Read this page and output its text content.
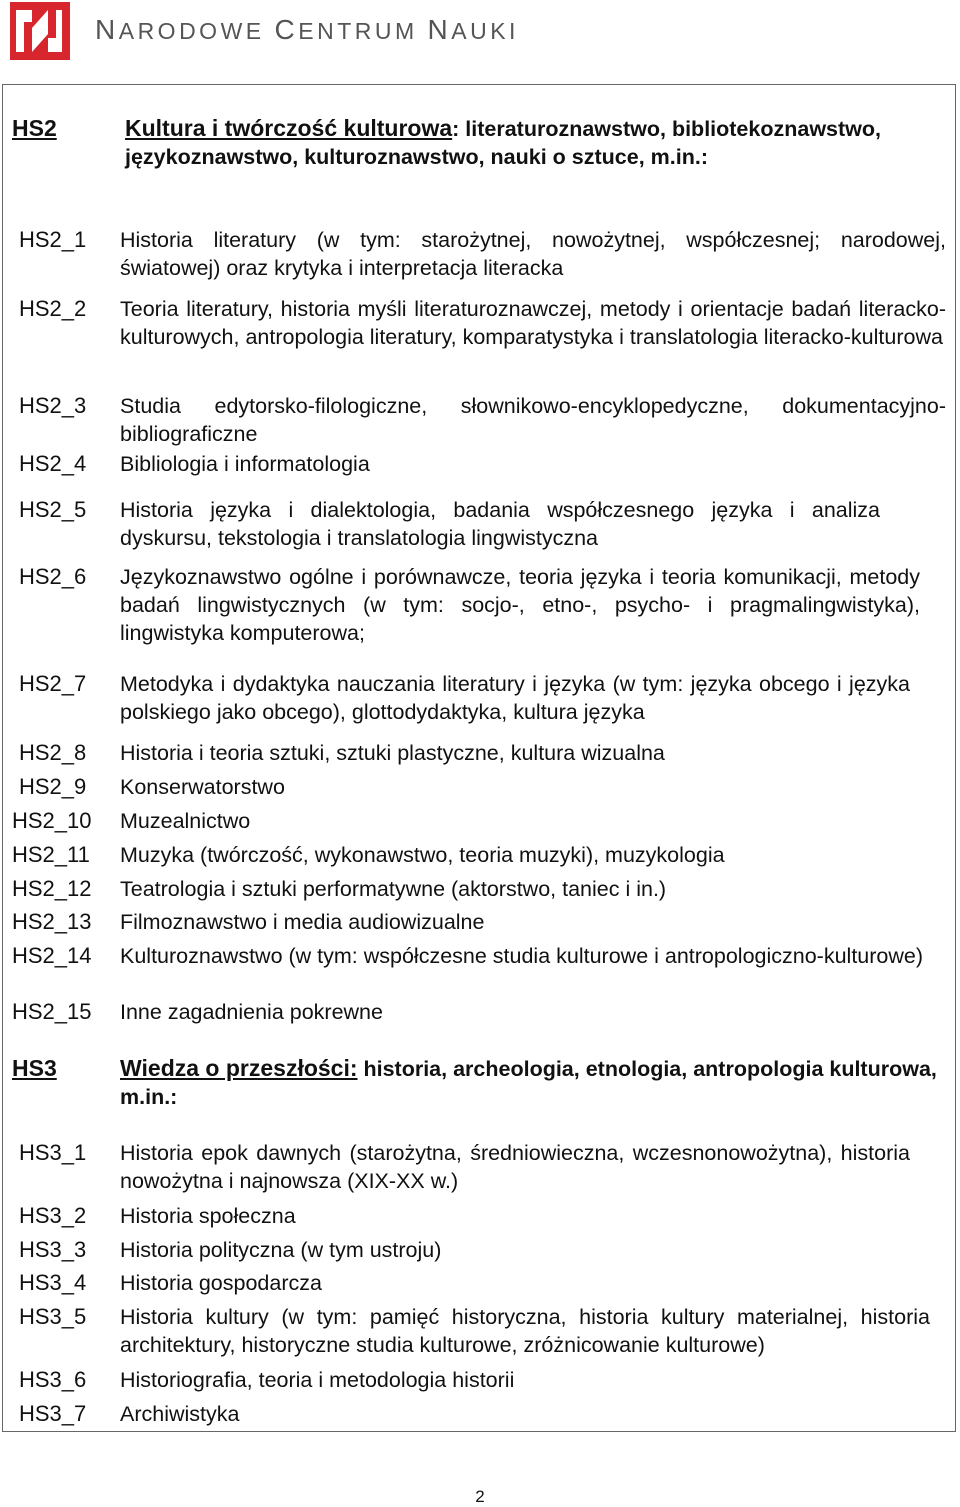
NARODOWE CENTRUM NAUKI
HS2	Kultura i twórczość kulturowa: literaturoznawstwo, bibliotekoznawstwo, językoznawstwo, kulturoznawstwo, nauki o sztuce, m.in.:
HS2_1 Historia literatury (w tym: starożytnej, nowożytnej, współczesnej; narodowej, światowej) oraz krytyka i interpretacja literacka
HS2_2 Teoria literatury, historia myśli literaturoznawczej, metody i orientacje badań literacko-kulturowych, antropologia literatury, komparatystyka i translatologia literacko-kulturowa
HS2_3 Studia edytorsko-filologiczne, słownikowo-encyklopedyczne, dokumentacyjno-bibliograficzne
HS2_4 Bibliologia i informatologia
HS2_5 Historia języka i dialektologia, badania współczesnego języka i analiza dyskursu, tekstologia i translatologia lingwistyczna
HS2_6 Językoznawstwo ogólne i porównawcze, teoria języka i teoria komunikacji, metody badań lingwistycznych (w tym: socjo-, etno-, psycho- i pragmalingwistyka), lingwistyka komputerowa;
HS2_7 Metodyka i dydaktyka nauczania literatury i języka (w tym: języka obcego i języka polskiego jako obcego), glottodydaktyka, kultura języka
HS2_8 Historia i teoria sztuki, sztuki plastyczne, kultura wizualna
HS2_9 Konserwatorstwo
HS2_10 Muzealnictwo
HS2_11 Muzyka (twórczość, wykonawstwo, teoria muzyki), muzykologia
HS2_12 Teatrologia i sztuki performatywne (aktorstwo, taniec i in.)
HS2_13 Filmoznawstwo i media audiowizualne
HS2_14 Kulturoznawstwo (w tym: współczesne studia kulturowe i antropologiczno-kulturowe)
HS2_15 Inne zagadnienia pokrewne
HS3	Wiedza o przeszłości: historia, archeologia, etnologia, antropologia kulturowa, m.in.:
HS3_1 Historia epok dawnych (starożytna, średniowieczna, wczesnonowożytna), historia nowożytna i najnowsza (XIX-XX w.)
HS3_2 Historia społeczna
HS3_3 Historia polityczna (w tym ustroju)
HS3_4 Historia gospodarcza
HS3_5 Historia kultury (w tym: pamięć historyczna, historia kultury materialnej, historia architektury, historyczne studia kulturowe, zróżnicowanie kulturowe)
HS3_6 Historiografia, teoria i metodologia historii
HS3_7 Archiwistyka
2
